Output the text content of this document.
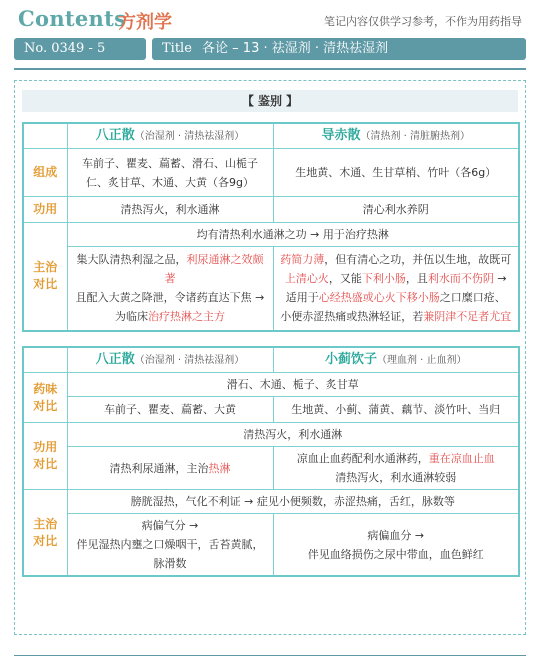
Contents
方剂学	笔记内容仅供学习参考，不作为用药指导
No. 0349 - 5	Title 各论 – 13 · 祛湿剂 · 清热祛湿剂
【 鉴别 】
	八正散（治湿剂 · 清热祛湿剂）	导赤散（清热剂 · 清脏腑热剂）
组成	车前子、瞿麦、萹蓄、滑石、山栀子仁、炙甘草、木通、大黄（各9g）	生地黄、木通、生甘草梢、竹叶（各6g）
功用	清热泻火，利水通淋	清心利水养阴
主治
对比	均有清热利水通淋之功 → 用于治疗热淋	
	集大队清热利湿之品，利尿通淋之效颇著
且配入大黄之降泄，令诸药直达下焦 →
为临床治疗热淋之主方	药简力薄，但有清心之功，并伍以生地，故既可
上清心火，又能下利小肠，且利水而不伤阴 →
适用于心经热盛或心火下移小肠之口糜口疮、
小便赤涩热痛或热淋轻证，若兼阴津不足者尤宜
	八正散（治湿剂 · 清热祛湿剂）	小蓟饮子（理血剂 · 止血剂）
药味
对比	滑石、木通、栀子、炙甘草	
	车前子、瞿麦、萹蓄、大黄	生地黄、小蓟、蒲黄、藕节、淡竹叶、当归
功用
对比	清热泻火，利水通淋	
	清热利尿通淋，主治热淋	凉血止血药配利水通淋药，重在凉血止血
清热泻火，利水通淋较弱
主治
对比	膀胱湿热，气化不利证 → 症见小便频数，赤涩热痛，舌红，脉数等	
	病偏气分 →
伴见湿热内壅之口燥咽干，舌苔黄腻，脉滑数	病偏血分 →
伴见血络损伤之尿中带血，血色鲜红
